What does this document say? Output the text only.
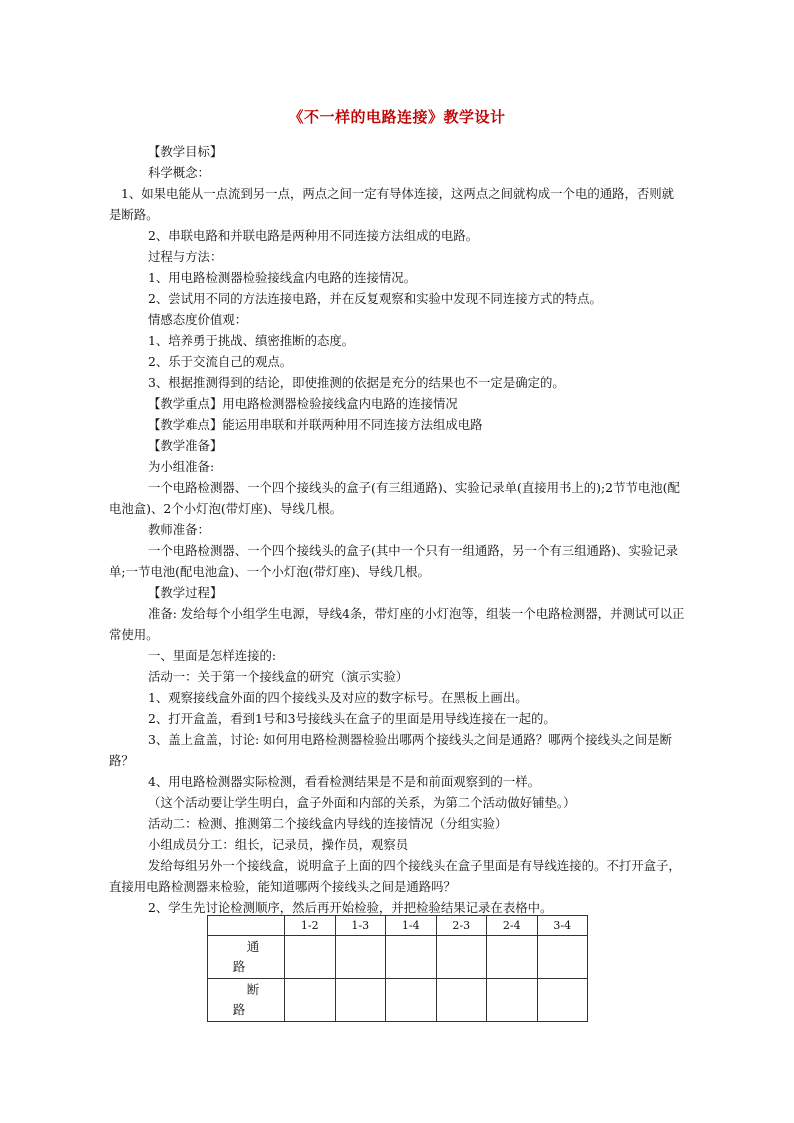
《不一样的电路连接》教学设计

【教学目标】

科学概念：

1、如果电能从一点流到另一点，两点之间一定有导体连接，这两点之间就构成一个电的通路，否则就是断路。

2、串联电路和并联电路是两种用不同连接方法组成的电路。

过程与方法：

1、用电路检测器检验接线盒内电路的连接情况。

2、尝试用不同的方法连接电路，并在反复观察和实验中发现不同连接方式的特点。

情感态度价值观：

1、培养勇于挑战、缜密推断的态度。

2、乐于交流自己的观点。

3、根据推测得到的结论，即使推测的依据是充分的结果也不一定是确定的。

【教学重点】用电路检测器检验接线盒内电路的连接情况

【教学难点】能运用串联和并联两种用不同连接方法组成电路

【教学准备】

为小组准备:

一个电路检测器、一个四个接线头的盒子(有三组通路)、实验记录单(直接用书上的);2节节电池(配电池盒)、2个小灯泡(带灯座)、导线几根。

教师准备：

一个电路检测器、一个四个接线头的盒子(其中一个只有一组通路，另一个有三组通路)、实验记录单;一节电池(配电池盒)、一个小灯泡(带灯座)、导线几根。

【教学过程】

准备: 发给每个小组学生电源，导线4条，带灯座的小灯泡等，组装一个电路检测器，并测试可以正常使用。

一、里面是怎样连接的:

活动一：关于第一个接线盒的研究（演示实验）

1、观察接线盒外面的四个接线头及对应的数字标号。在黑板上画出。

2、打开盒盖，看到1号和3号接线头在盒子的里面是用导线连接在一起的。

3、盖上盒盖，讨论: 如何用电路检测器检验出哪两个接线头之间是通路？哪两个接线头之间是断路？

4、用电路检测器实际检测，看看检测结果是不是和前面观察到的一样。

（这个活动要让学生明白，盒子外面和内部的关系，为第二个活动做好铺垫。）

活动二：检测、推测第二个接线盒内导线的连接情况（分组实验）

小组成员分工：组长，记录员，操作员，观察员

发给每组另外一个接线盒，说明盒子上面的四个接线头在盒子里面是有导线连接的。不打开盒子，直接用电路检测器来检验，能知道哪两个接线头之间是通路吗？

2、学生先讨论检测顺序，然后再开始检验，并把检验结果记录在表格中。

	1-2	1-3	1-4	2-3	2-4	3-4

通
路						

断
路						
